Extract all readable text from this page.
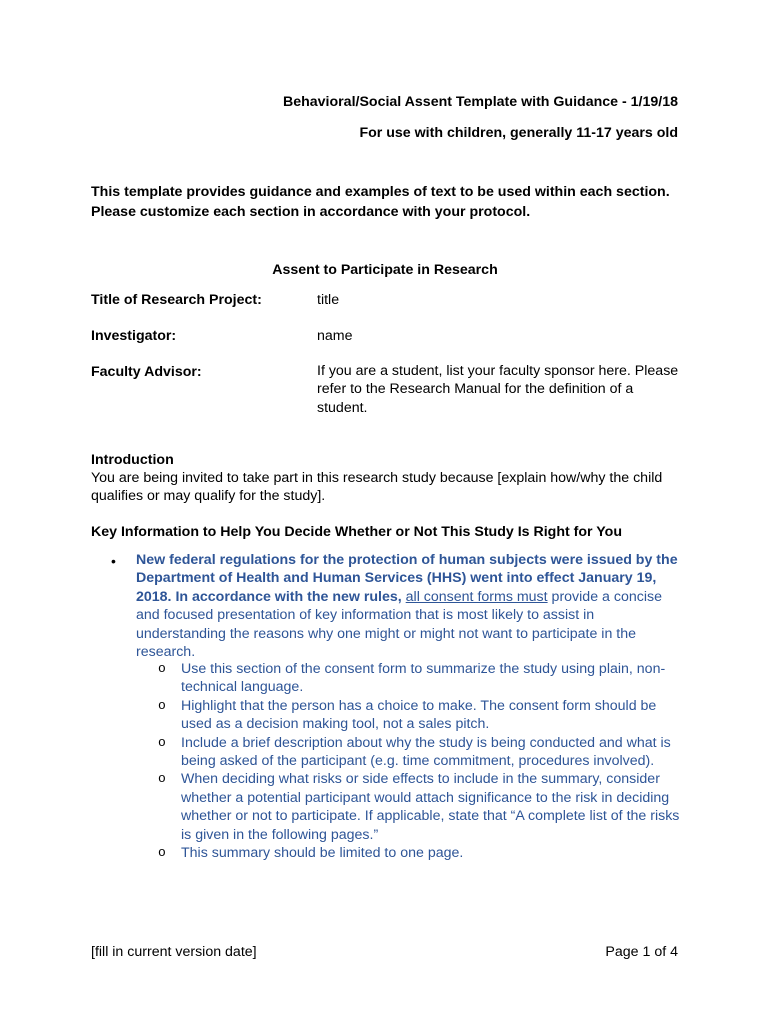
Behavioral/Social Assent Template with Guidance - 1/19/18
For use with children, generally 11-17 years old
This template provides guidance and examples of text to be used within each section. Please customize each section in accordance with your protocol.
Assent to Participate in Research
Title of Research Project:	title
Investigator:	name
Faculty Advisor:	If you are a student, list your faculty sponsor here. Please refer to the Research Manual for the definition of a student.
Introduction
You are being invited to take part in this research study because [explain how/why the child qualifies or may qualify for the study].
Key Information to Help You Decide Whether or Not This Study Is Right for You
• New federal regulations for the protection of human subjects were issued by the Department of Health and Human Services (HHS) went into effect January 19, 2018. In accordance with the new rules, all consent forms must provide a concise and focused presentation of key information that is most likely to assist in understanding the reasons why one might or might not want to participate in the research.
o Use this section of the consent form to summarize the study using plain, non-technical language.
o Highlight that the person has a choice to make. The consent form should be used as a decision making tool, not a sales pitch.
o Include a brief description about why the study is being conducted and what is being asked of the participant (e.g. time commitment, procedures involved).
o When deciding what risks or side effects to include in the summary, consider whether a potential participant would attach significance to the risk in deciding whether or not to participate. If applicable, state that “A complete list of the risks is given in the following pages.”
o This summary should be limited to one page.
[fill in current version date]	Page 1 of 4
